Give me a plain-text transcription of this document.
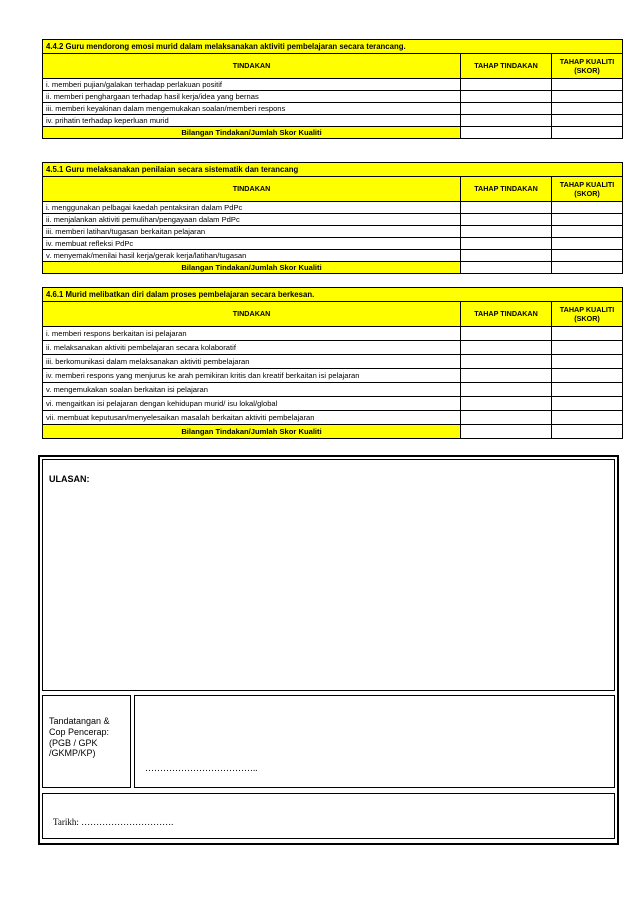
4.4.2 Guru mendorong emosi murid dalam melaksanakan aktiviti pembelajaran secara terancang.		
TINDAKAN	TAHAP TINDAKAN	TAHAP KUALITI (SKOR)
i. memberi pujian/galakan terhadap perlakuan positif		
ii. memberi penghargaan terhadap hasil kerja/idea yang bernas		
iii. memberi keyakinan dalam mengemukakan soalan/memberi respons		
iv. prihatin terhadap keperluan murid		
Bilangan Tindakan/Jumlah Skor Kualiti		
4.5.1 Guru melaksanakan penilaian secara sistematik dan terancang		
TINDAKAN	TAHAP TINDAKAN	TAHAP KUALITI (SKOR)
i. menggunakan pelbagai kaedah pentaksiran dalam PdPc		
ii. menjalankan aktiviti pemulihan/pengayaan dalam PdPc		
iii. memberi latihan/tugasan berkaitan pelajaran		
iv. membuat refleksi PdPc		
v. menyemak/menilai hasil kerja/gerak kerja/latihan/tugasan		
Bilangan Tindakan/Jumlah Skor Kualiti		
4.6.1 Murid melibatkan diri dalam proses pembelajaran secara berkesan.		
TINDAKAN	TAHAP TINDAKAN	TAHAP KUALITI (SKOR)
i. memberi respons berkaitan isi pelajaran		
ii. melaksanakan aktiviti pembelajaran secara kolaboratif		
iii. berkomunikasi dalam melaksanakan aktiviti pembelajaran		
iv. memberi respons yang menjurus ke arah pemikiran kritis dan kreatif berkaitan isi pelajaran		
v. mengemukakan soalan berkaitan isi pelajaran		
vi. mengaitkan isi pelajaran dengan kehidupan murid/ isu lokal/global		
vii. membuat keputusan/menyelesaikan masalah berkaitan aktiviti pembelajaran		
Bilangan Tindakan/Jumlah Skor Kualiti		
ULASAN:
Tandatangan & Cop Pencerap: (PGB / GPK /GKMP/KP)
………………………………..
Tarikh: ………………………….
